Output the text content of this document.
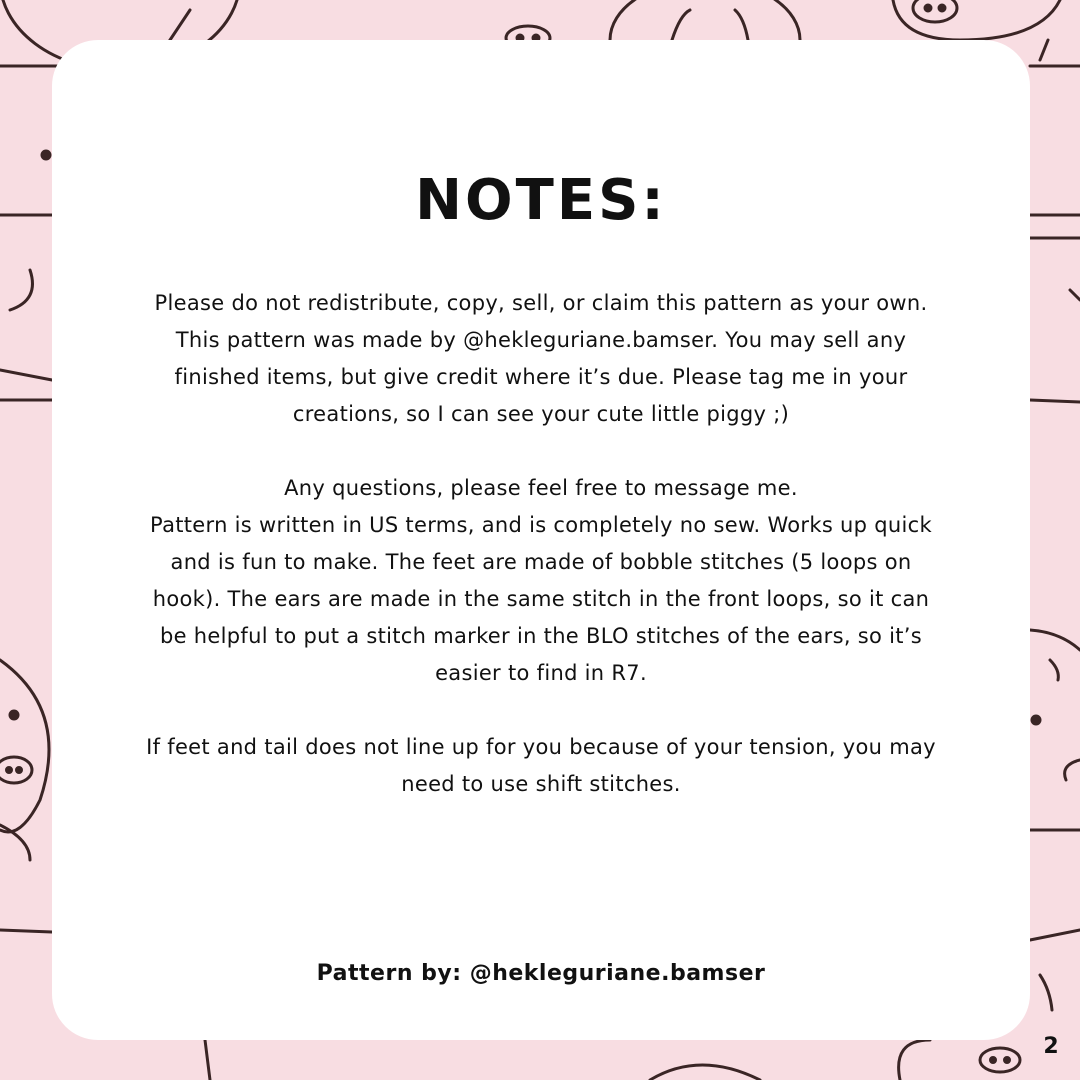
NOTES:

Please do not redistribute, copy, sell, or claim this pattern as your own.
This pattern was made by @hekleguriane.bamser. You may sell any
finished items, but give credit where it’s due. Please tag me in your
creations, so I can see your cute little piggy ;)

Any questions, please feel free to message me.
Pattern is written in US terms, and is completely no sew. Works up quick
and is fun to make. The feet are made of bobble stitches (5 loops on
hook). The ears are made in the same stitch in the front loops, so it can
be helpful to put a stitch marker in the BLO stitches of the ears, so it’s
easier to find in R7.

If feet and tail does not line up for you because of your tension, you may
need to use shift stitches.

Pattern by: @hekleguriane.bamser
2
